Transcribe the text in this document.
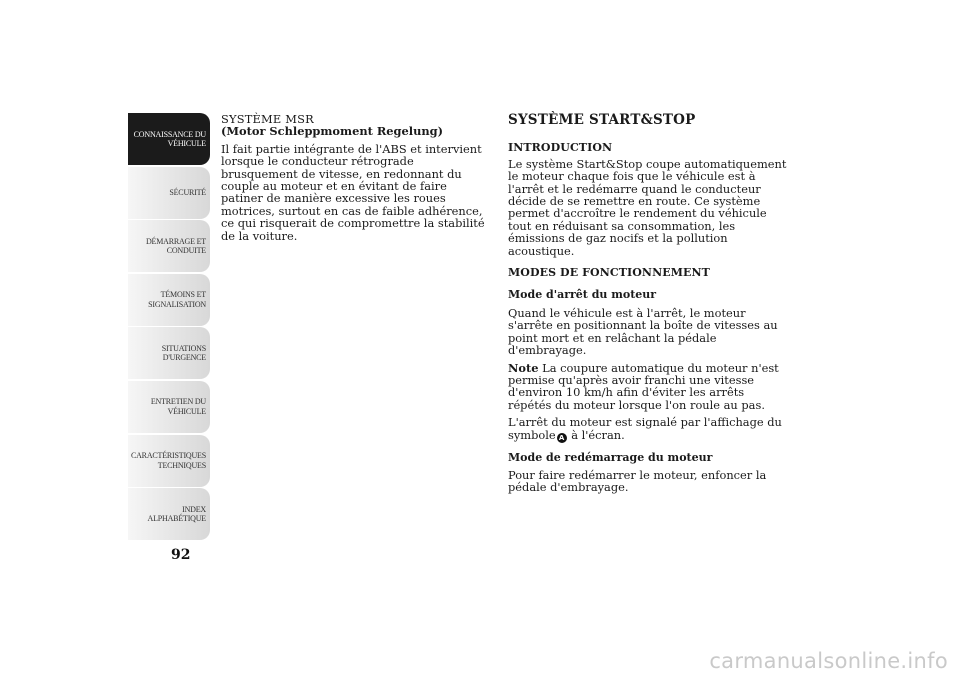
CONNAISSANCE DU
VÉHICULE
SÉCURITÉ
DÉMARRAGE ET
CONDUITE
TÉMOINS ET
SIGNALISATION
SITUATIONS
D'URGENCE
ENTRETIEN DU
VÉHICULE
CARACTÉRISTIQUES
TECHNIQUES
INDEX
ALPHABÉTIQUE
92
SYSTÈME MSR
(Motor Schleppmoment Regelung)

Il fait partie intégrante de l'ABS et intervient lorsque le conducteur rétrograde brusquement de vitesse, en redonnant du couple au moteur et en évitant de faire patiner de manière excessive les roues motrices, surtout en cas de faible adhérence, ce qui risquerait de compromettre la stabilité de la voiture.

SYSTÈME START&STOP
INTRODUCTION

Le système Start&Stop coupe automatiquement le moteur chaque fois que le véhicule est à l'arrêt et le redémarre quand le conducteur décide de se remettre en route. Ce système permet d'accroître le rendement du véhicule tout en réduisant sa consommation, les émissions de gaz nocifs et la pollution acoustique.

MODES DE FONCTIONNEMENT
Mode d'arrêt du moteur

Quand le véhicule est à l'arrêt, le moteur s'arrête en positionnant la boîte de vitesses au point mort et en relâchant la pédale d'embrayage.

Note La coupure automatique du moteur n'est permise qu'après avoir franchi une vitesse d'environ 10 km/h afin d'éviter les arrêts répétés du moteur lorsque l'on roule au pas.

L'arrêt du moteur est signalé par l'affichage du symbole A à l'écran.

Mode de redémarrage du moteur

Pour faire redémarrer le moteur, enfoncer la pédale d'embrayage.

carmanualsonline.info
